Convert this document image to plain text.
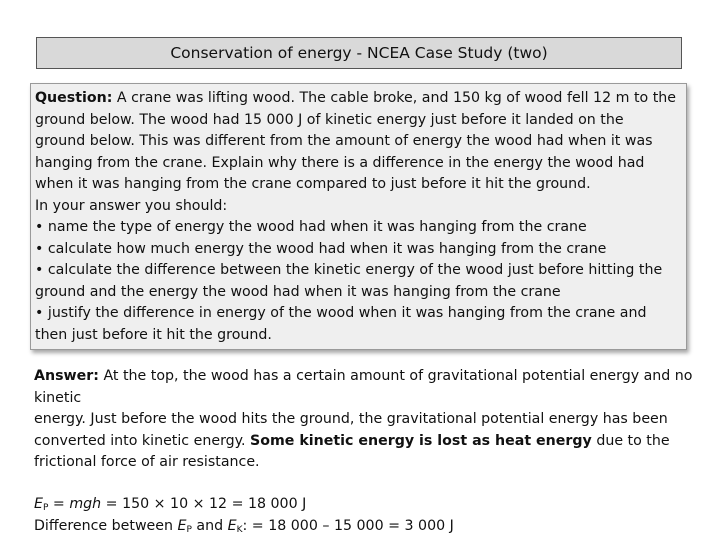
Conservation of energy - NCEA Case Study (two)

Question: A crane was lifting wood. The cable broke, and 150 kg of wood fell 12 m to the ground below. The wood had 15 000 J of kinetic energy just before it landed on the ground below. This was different from the amount of energy the wood had when it was hanging from the crane. Explain why there is a difference in the energy the wood had when it was hanging from the crane compared to just before it hit the ground.

In your answer you should:

• name the type of energy the wood had when it was hanging from the crane

• calculate how much energy the wood had when it was hanging from the crane

• calculate the difference between the kinetic energy of the wood just before hitting the ground and the energy the wood had when it was hanging from the crane

• justify the difference in energy of the wood when it was hanging from the crane and then just before it hit the ground.

Answer: At the top, the wood has a certain amount of gravitational potential energy and no kinetic

energy. Just before the wood hits the ground, the gravitational potential energy has been converted into kinetic energy. Some kinetic energy is lost as heat energy due to the frictional force of air resistance.

$E_P$ = mgh = 150 × 10 × 12 = 18 000 J

Difference between $E_P$ and $E_K$: = 18 000 – 15 000 = 3 000 J
